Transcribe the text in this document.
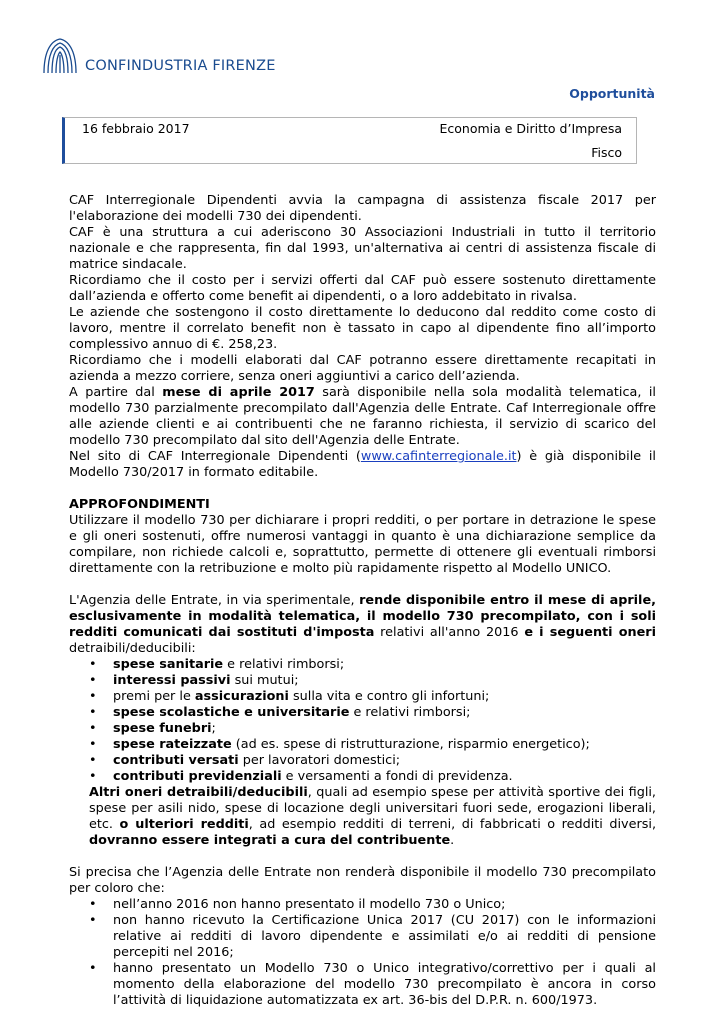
CONFINDUSTRIA FIRENZE
Opportunità
16 febbraio 2017	Economia e Diritto d’Impresa
Fisco

CAF Interregionale Dipendenti avvia la campagna di assistenza fiscale 2017 per l'elaborazione dei modelli 730 dei dipendenti.

CAF è una struttura a cui aderiscono 30 Associazioni Industriali in tutto il territorio nazionale e che rappresenta, fin dal 1993, un'alternativa ai centri di assistenza fiscale di matrice sindacale.

Ricordiamo che il costo per i servizi offerti dal CAF può essere sostenuto direttamente dall’azienda e offerto come benefit ai dipendenti, o a loro addebitato in rivalsa.

Le aziende che sostengono il costo direttamente lo deducono dal reddito come costo di lavoro, mentre il correlato benefit non è tassato in capo al dipendente fino all’importo complessivo annuo di €. 258,23.

Ricordiamo che i modelli elaborati dal CAF potranno essere direttamente recapitati in azienda a mezzo corriere, senza oneri aggiuntivi a carico dell’azienda.

A partire dal mese di aprile 2017 sarà disponibile nella sola modalità telematica, il modello 730 parzialmente precompilato dall'Agenzia delle Entrate. Caf Interregionale offre alle aziende clienti e ai contribuenti che ne faranno richiesta, il servizio di scarico del modello 730 precompilato dal sito dell'Agenzia delle Entrate.

Nel sito di CAF Interregionale Dipendenti (www.cafinterregionale.it) è già disponibile il Modello 730/2017 in formato editabile.

APPROFONDIMENTI

Utilizzare il modello 730 per dichiarare i propri redditi, o per portare in detrazione le spese e gli oneri sostenuti, offre numerosi vantaggi in quanto è una dichiarazione semplice da compilare, non richiede calcoli e, soprattutto, permette di ottenere gli eventuali rimborsi direttamente con la retribuzione e molto più rapidamente rispetto al Modello UNICO.

L'Agenzia delle Entrate, in via sperimentale, rende disponibile entro il mese di aprile, esclusivamente in modalità telematica, il modello 730 precompilato, con i soli redditi comunicati dai sostituti d'imposta relativi all'anno 2016 e i seguenti oneri detraibili/deducibili:

• spese sanitarie e relativi rimborsi;
• interessi passivi sui mutui;
• premi per le assicurazioni sulla vita e contro gli infortuni;
• spese scolastiche e universitarie e relativi rimborsi;
• spese funebri;
• spese rateizzate (ad es. spese di ristrutturazione, risparmio energetico);
• contributi versati per lavoratori domestici;
• contributi previdenziali e versamenti a fondi di previdenza.

Altri oneri detraibili/deducibili, quali ad esempio spese per attività sportive dei figli, spese per asili nido, spese di locazione degli universitari fuori sede, erogazioni liberali, etc. o ulteriori redditi, ad esempio redditi di terreni, di fabbricati o redditi diversi, dovranno essere integrati a cura del contribuente.

Si precisa che l’Agenzia delle Entrate non renderà disponibile il modello 730 precompilato per coloro che:

• nell’anno 2016 non hanno presentato il modello 730 o Unico;
• non hanno ricevuto la Certificazione Unica 2017 (CU 2017) con le informazioni relative ai redditi di lavoro dipendente e assimilati e/o ai redditi di pensione percepiti nel 2016;
• hanno presentato un Modello 730 o Unico integrativo/correttivo per i quali al momento della elaborazione del modello 730 precompilato è ancora in corso l’attività di liquidazione automatizzata ex art. 36-bis del D.P.R. n. 600/1973.
